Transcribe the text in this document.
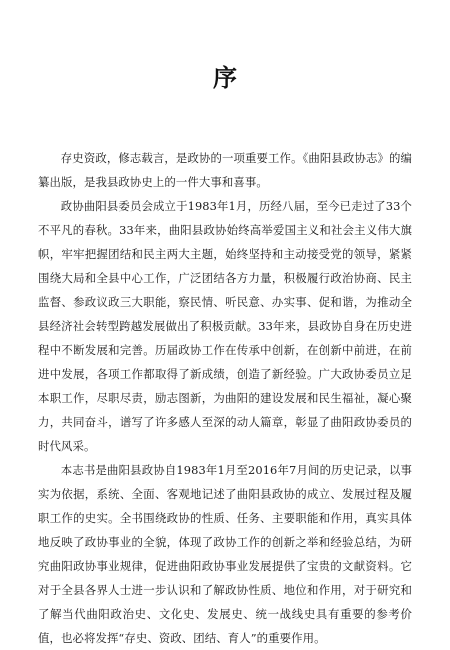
序

存史资政，修志载言，是政协的一项重要工作。《曲阳县政协志》的编纂出版，是我县政协史上的一件大事和喜事。

政协曲阳县委员会成立于1983年1月，历经八届，至今已走过了33个不平凡的春秋。33年来，曲阳县政协始终高举爱国主义和社会主义伟大旗帜，牢牢把握团结和民主两大主题，始终坚持和主动接受党的领导，紧紧围绕大局和全县中心工作，广泛团结各方力量，积极履行政治协商、民主监督、参政议政三大职能，察民情、听民意、办实事、促和谐，为推动全县经济社会转型跨越发展做出了积极贡献。33年来，县政协自身在历史进程中不断发展和完善。历届政协工作在传承中创新，在创新中前进，在前进中发展，各项工作都取得了新成绩，创造了新经验。广大政协委员立足本职工作，尽职尽责，励志图新，为曲阳的建设发展和民生福祉，凝心聚力，共同奋斗，谱写了许多感人至深的动人篇章，彰显了曲阳政协委员的时代风采。

本志书是曲阳县政协自1983年1月至2016年7月间的历史记录，以事实为依据，系统、全面、客观地记述了曲阳县政协的成立、发展过程及履职工作的史实。全书围绕政协的性质、任务、主要职能和作用，真实具体地反映了政协事业的全貌，体现了政协工作的创新之举和经验总结，为研究曲阳政协事业规律，促进曲阳政协事业发展提供了宝贵的文献资料。它对于全县各界人士进一步认识和了解政协性质、地位和作用，对于研究和了解当代曲阳政治史、文化史、发展史、统一战线史具有重要的参考价值，也必将发挥“存史、资政、团结、育人”的重要作用。
